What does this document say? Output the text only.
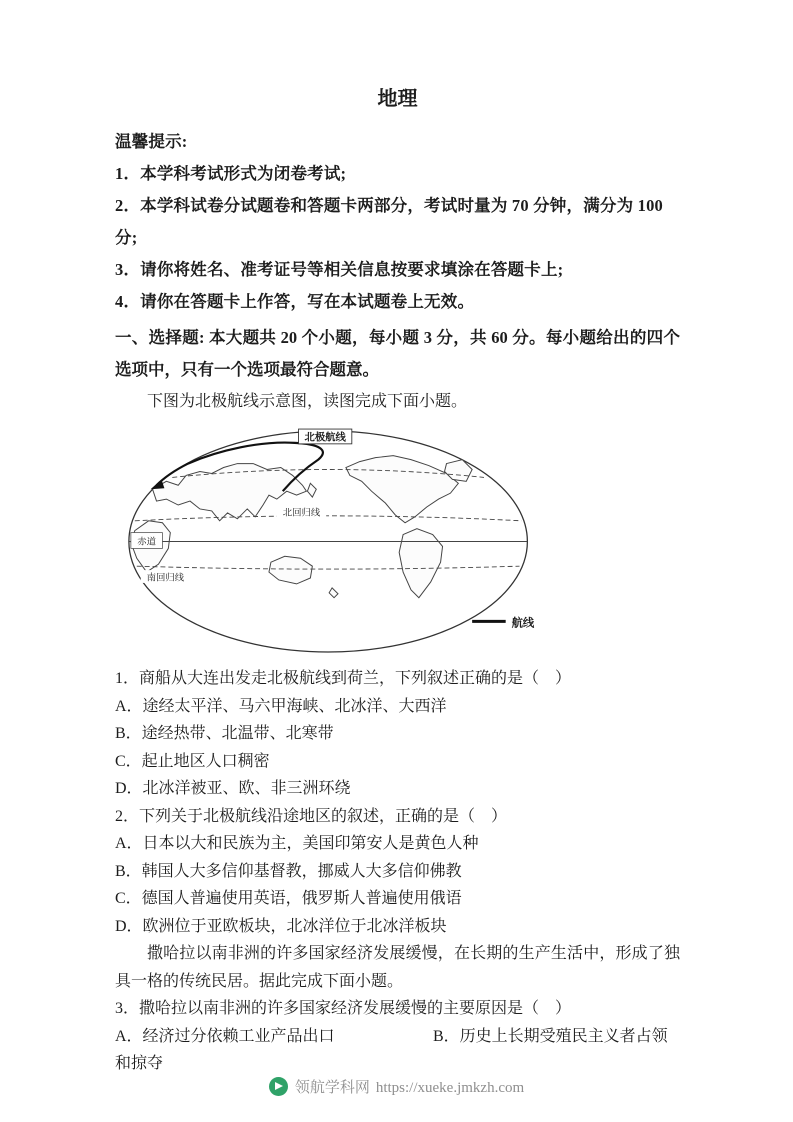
地理

温馨提示:

1．本学科考试形式为闭卷考试;

2．本学科试卷分试题卷和答题卡两部分，考试时量为 70 分钟，满分为 100 分;

3．请你将姓名、准考证号等相关信息按要求填涂在答题卡上;

4．请你在答题卡上作答，写在本试题卷上无效。

一、选择题: 本大题共 20 个小题，每小题 3 分，共 60 分。每小题给出的四个选项中，只有一个选项最符合题意。

下图为北极航线示意图，读图完成下面小题。

北极航线
北回归线
赤道
南回归线
航线

1．商船从大连出发走北极航线到荷兰，下列叙述正确的是（　）

A．途经太平洋、马六甲海峡、北冰洋、大西洋

B．途经热带、北温带、北寒带

C．起止地区人口稠密

D．北冰洋被亚、欧、非三洲环绕

2．下列关于北极航线沿途地区的叙述，正确的是（　）

A．日本以大和民族为主，美国印第安人是黄色人种

B．韩国人大多信仰基督教，挪威人大多信仰佛教

C．德国人普遍使用英语，俄罗斯人普遍使用俄语

D．欧洲位于亚欧板块，北冰洋位于北冰洋板块

撒哈拉以南非洲的许多国家经济发展缓慢，在长期的生产生活中，形成了独具一格的传统民居。据此完成下面小题。

3．撒哈拉以南非洲的许多国家经济发展缓慢的主要原因是（　）

A．经济过分依赖工业产品出口	B．历史上长期受殖民主义者占领和掠夺

领航学科网 https://xueke.jmkzh.com
